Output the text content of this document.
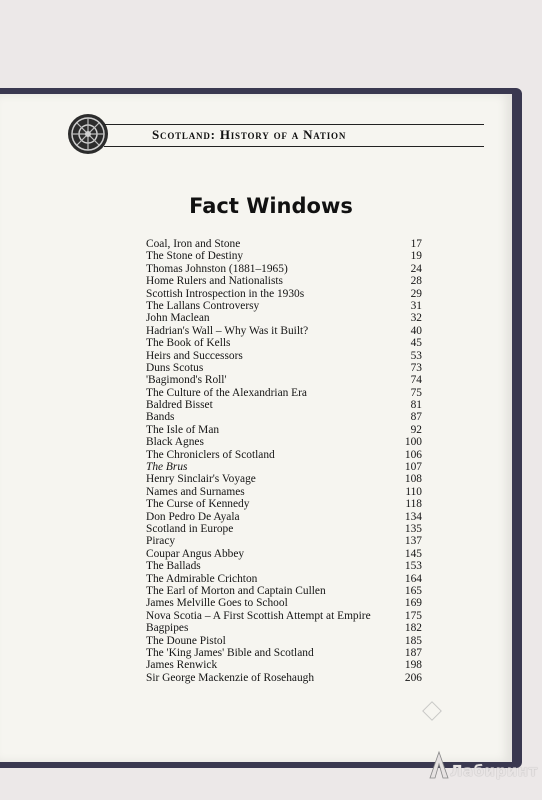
Scotland: History of a Nation

Fact Windows
Coal, Iron and Stone	17
The Stone of Destiny	19
Thomas Johnston (1881–1965)	24
Home Rulers and Nationalists	28
Scottish Introspection in the 1930s	29
The Lallans Controversy	31
John Maclean	32
Hadrian's Wall – Why Was it Built?	40
The Book of Kells	45
Heirs and Successors	53
Duns Scotus	73
'Bagimond's Roll'	74
The Culture of the Alexandrian Era	75
Baldred Bisset	81
Bands	87
The Isle of Man	92
Black Agnes	100
The Chroniclers of Scotland	106
The Brus	107
Henry Sinclair's Voyage	108
Names and Surnames	110
The Curse of Kennedy	118
Don Pedro De Ayala	134
Scotland in Europe	135
Piracy	137
Coupar Angus Abbey	145
The Ballads	153
The Admirable Crichton	164
The Earl of Morton and Captain Cullen	165
James Melville Goes to School	169
Nova Scotia – A First Scottish Attempt at Empire	175
Bagpipes	182
The Doune Pistol	185
The 'King James' Bible and Scotland	187
James Renwick	198
Sir George Mackenzie of Rosehaugh	206
Лабиринт
